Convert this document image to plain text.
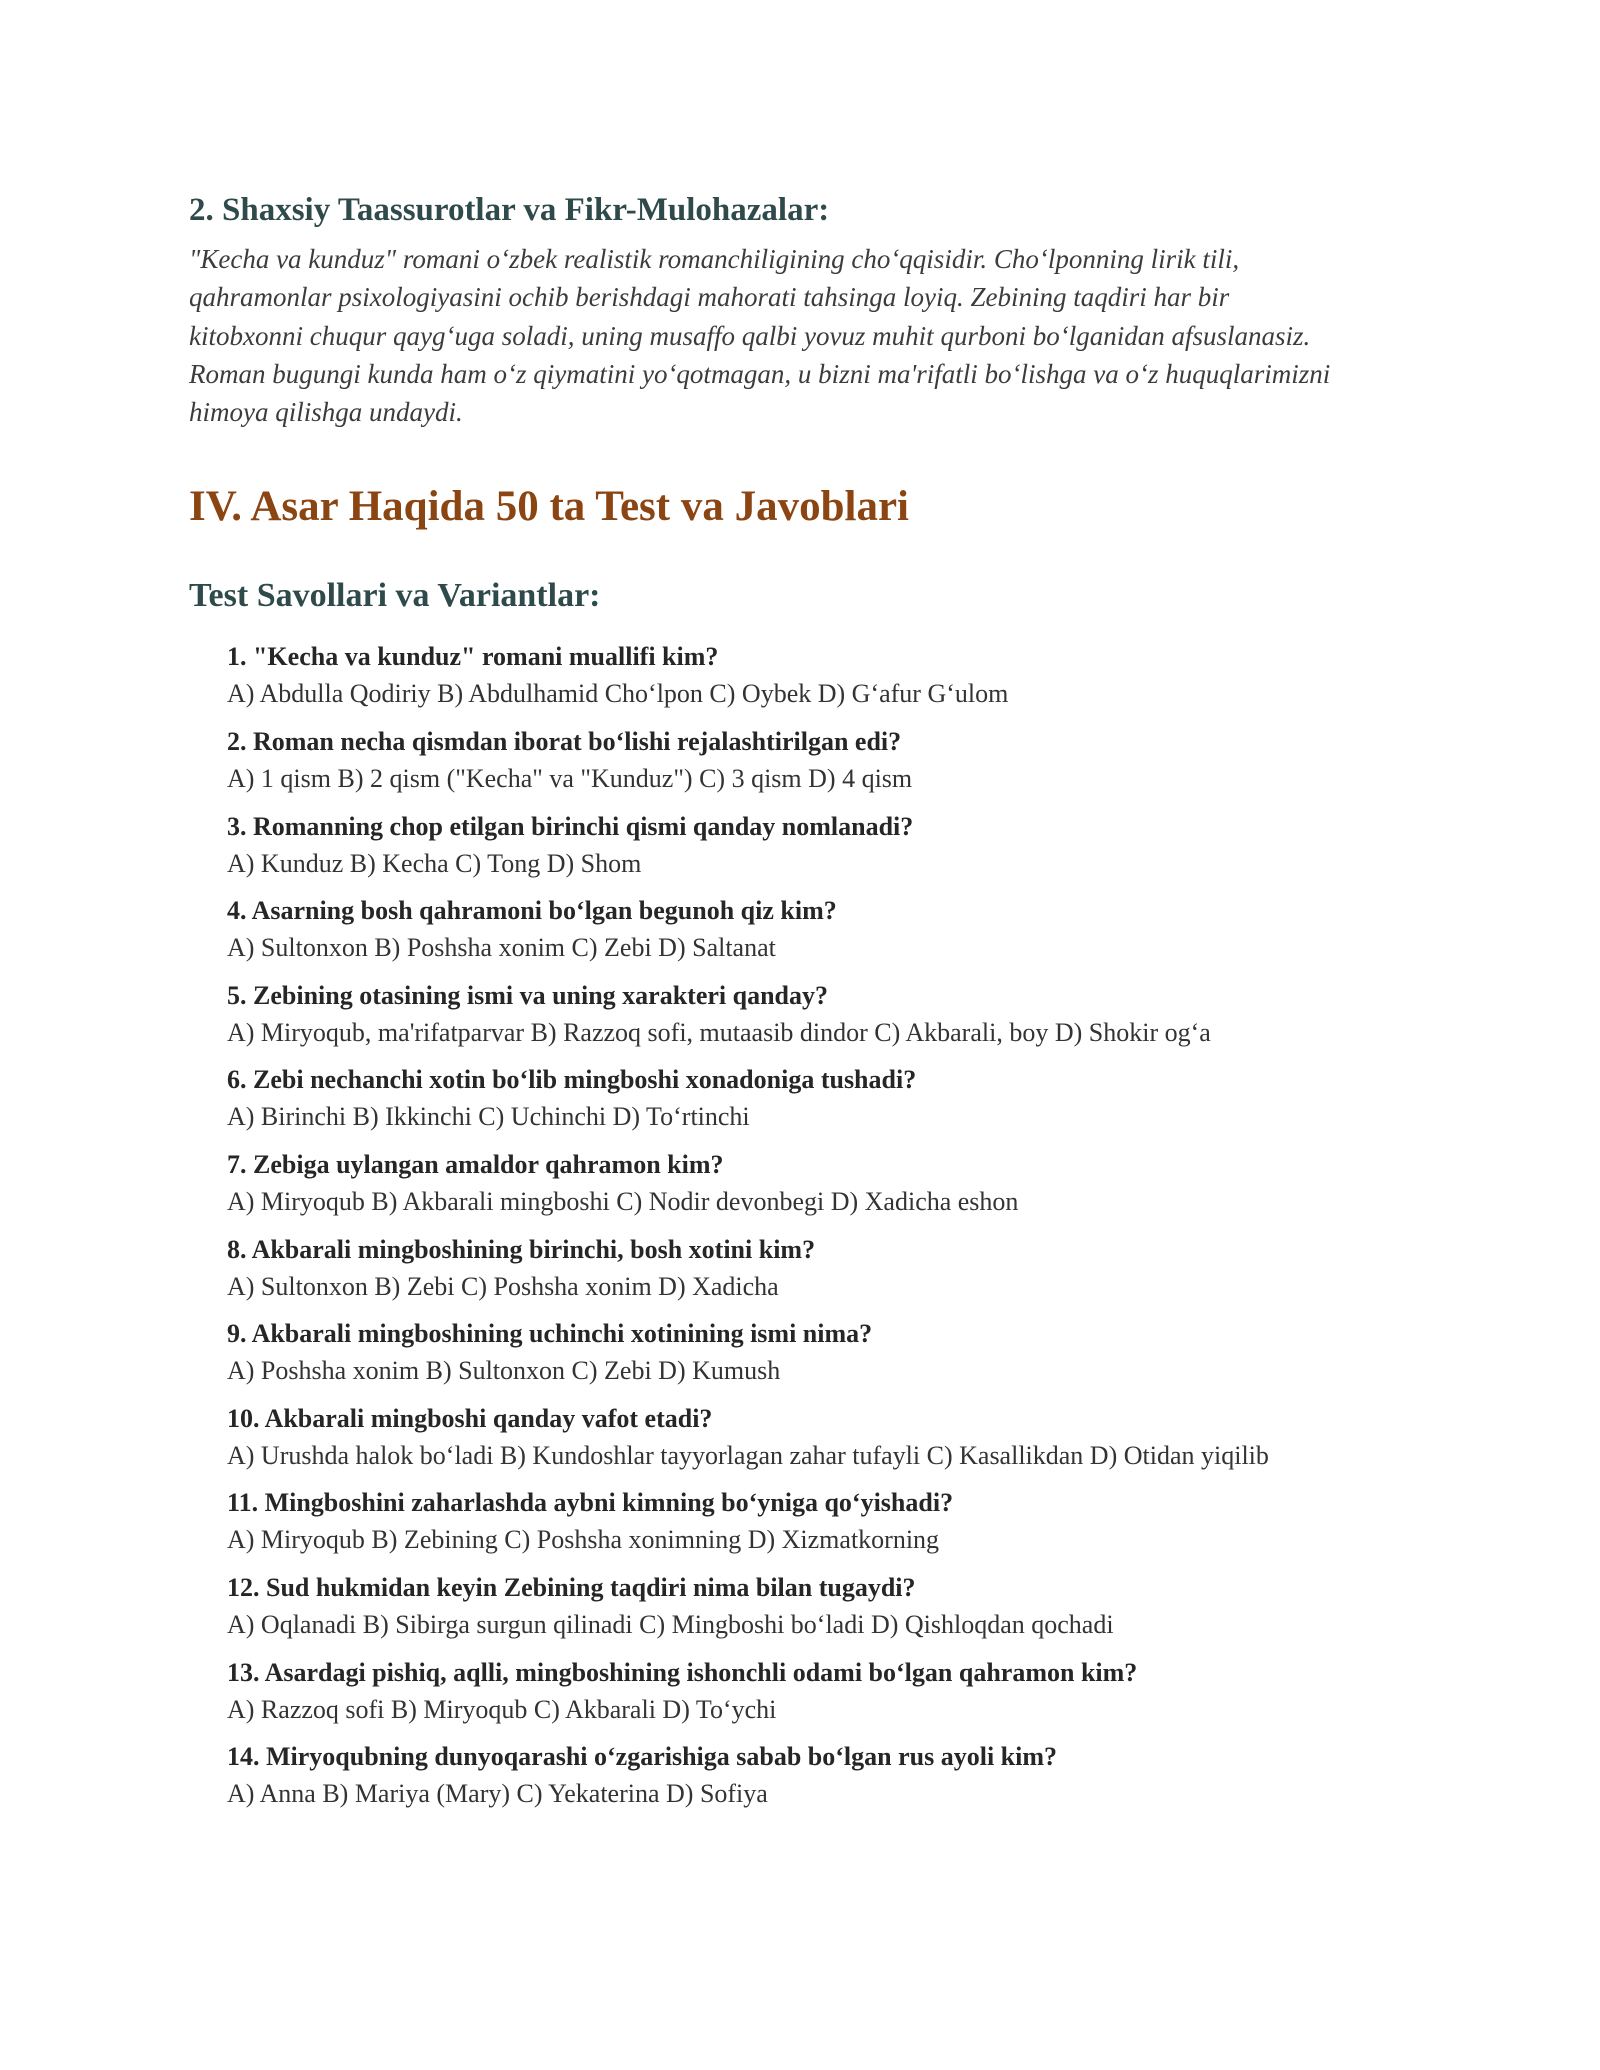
2. Shaxsiy Taassurotlar va Fikr-Mulohazalar:
"Kecha va kunduz" romani o‘zbek realistik romanchiligining cho‘qqisidir. Cho‘lponning lirik tili,
qahramonlar psixologiyasini ochib berishdagi mahorati tahsinga loyiq. Zebining taqdiri har bir
kitobxonni chuqur qayg‘uga soladi, uning musaffo qalbi yovuz muhit qurboni bo‘lganidan afsuslanasiz.
Roman bugungi kunda ham o‘z qiymatini yo‘qotmagan, u bizni ma'rifatli bo‘lishga va o‘z huquqlarimizni
himoya qilishga undaydi.
IV. Asar Haqida 50 ta Test va Javoblari
Test Savollari va Variantlar:
1. "Kecha va kunduz" romani muallifi kim?
A) Abdulla Qodiriy B) Abdulhamid Cho‘lpon C) Oybek D) G‘afur G‘ulom
2. Roman necha qismdan iborat bo‘lishi rejalashtirilgan edi?
A) 1 qism B) 2 qism ("Kecha" va "Kunduz") C) 3 qism D) 4 qism
3. Romanning chop etilgan birinchi qismi qanday nomlanadi?
A) Kunduz B) Kecha C) Tong D) Shom
4. Asarning bosh qahramoni bo‘lgan begunoh qiz kim?
A) Sultonxon B) Poshsha xonim C) Zebi D) Saltanat
5. Zebining otasining ismi va uning xarakteri qanday?
A) Miryoqub, ma'rifatparvar B) Razzoq sofi, mutaasib dindor C) Akbarali, boy D) Shokir og‘a
6. Zebi nechanchi xotin bo‘lib mingboshi xonadoniga tushadi?
A) Birinchi B) Ikkinchi C) Uchinchi D) To‘rtinchi
7. Zebiga uylangan amaldor qahramon kim?
A) Miryoqub B) Akbarali mingboshi C) Nodir devonbegi D) Xadicha eshon
8. Akbarali mingboshining birinchi, bosh xotini kim?
A) Sultonxon B) Zebi C) Poshsha xonim D) Xadicha
9. Akbarali mingboshining uchinchi xotinining ismi nima?
A) Poshsha xonim B) Sultonxon C) Zebi D) Kumush
10. Akbarali mingboshi qanday vafot etadi?
A) Urushda halok bo‘ladi B) Kundoshlar tayyorlagan zahar tufayli C) Kasallikdan D) Otidan yiqilib
11. Mingboshini zaharlashda aybni kimning bo‘yniga qo‘yishadi?
A) Miryoqub B) Zebining C) Poshsha xonimning D) Xizmatkorning
12. Sud hukmidan keyin Zebining taqdiri nima bilan tugaydi?
A) Oqlanadi B) Sibirga surgun qilinadi C) Mingboshi bo‘ladi D) Qishloqdan qochadi
13. Asardagi pishiq, aqlli, mingboshining ishonchli odami bo‘lgan qahramon kim?
A) Razzoq sofi B) Miryoqub C) Akbarali D) To‘ychi
14. Miryoqubning dunyoqarashi o‘zgarishiga sabab bo‘lgan rus ayoli kim?
A) Anna B) Mariya (Mary) C) Yekaterina D) Sofiya
